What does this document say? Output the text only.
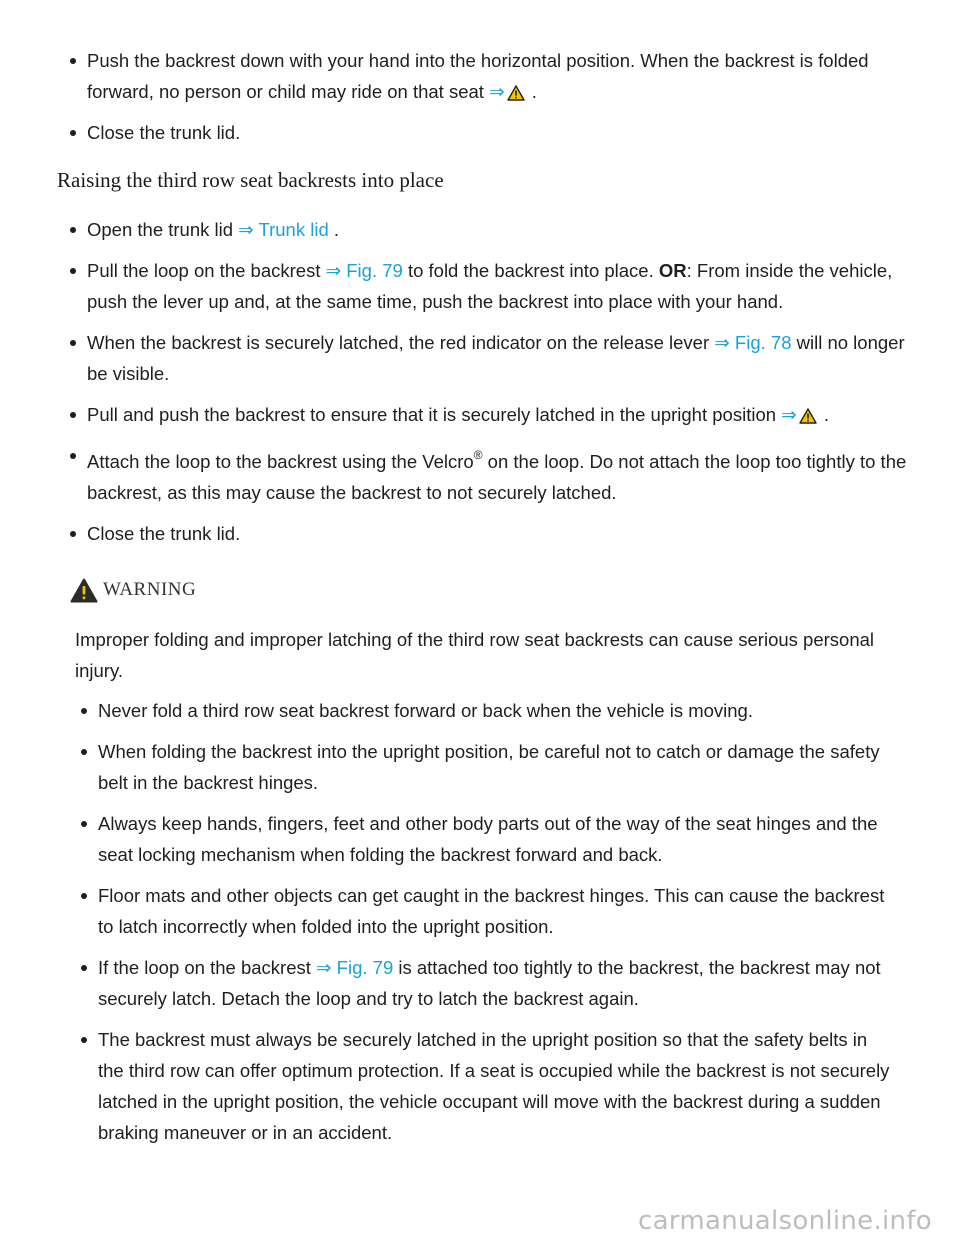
Push the backrest down with your hand into the horizontal position. When the backrest is folded forward, no person or child may ride on that seat ⇒ .
Close the trunk lid.
Raising the third row seat backrests into place
Open the trunk lid ⇒ Trunk lid .
Pull the loop on the backrest ⇒ Fig. 79 to fold the backrest into place. OR: From inside the vehicle, push the lever up and, at the same time, push the backrest into place with your hand.
When the backrest is securely latched, the red indicator on the release lever ⇒ Fig. 78 will no longer be visible.
Pull and push the backrest to ensure that it is securely latched in the upright position ⇒ .
Attach the loop to the backrest using the Velcro® on the loop. Do not attach the loop too tightly to the backrest, as this may cause the backrest to not securely latched.
Close the trunk lid.
WARNING

Improper folding and improper latching of the third row seat backrests can cause serious personal injury.

Never fold a third row seat backrest forward or back when the vehicle is moving.
When folding the backrest into the upright position, be careful not to catch or damage the safety belt in the backrest hinges.
Always keep hands, fingers, feet and other body parts out of the way of the seat hinges and the seat locking mechanism when folding the backrest forward and back.
Floor mats and other objects can get caught in the backrest hinges. This can cause the backrest to latch incorrectly when folded into the upright position.
If the loop on the backrest ⇒ Fig. 79 is attached too tightly to the backrest, the backrest may not securely latch. Detach the loop and try to latch the backrest again.
The backrest must always be securely latched in the upright position so that the safety belts in the third row can offer optimum protection. If a seat is occupied while the backrest is not securely latched in the upright position, the vehicle occupant will move with the backrest during a sudden braking maneuver or in an accident.
carmanualsonline.info
